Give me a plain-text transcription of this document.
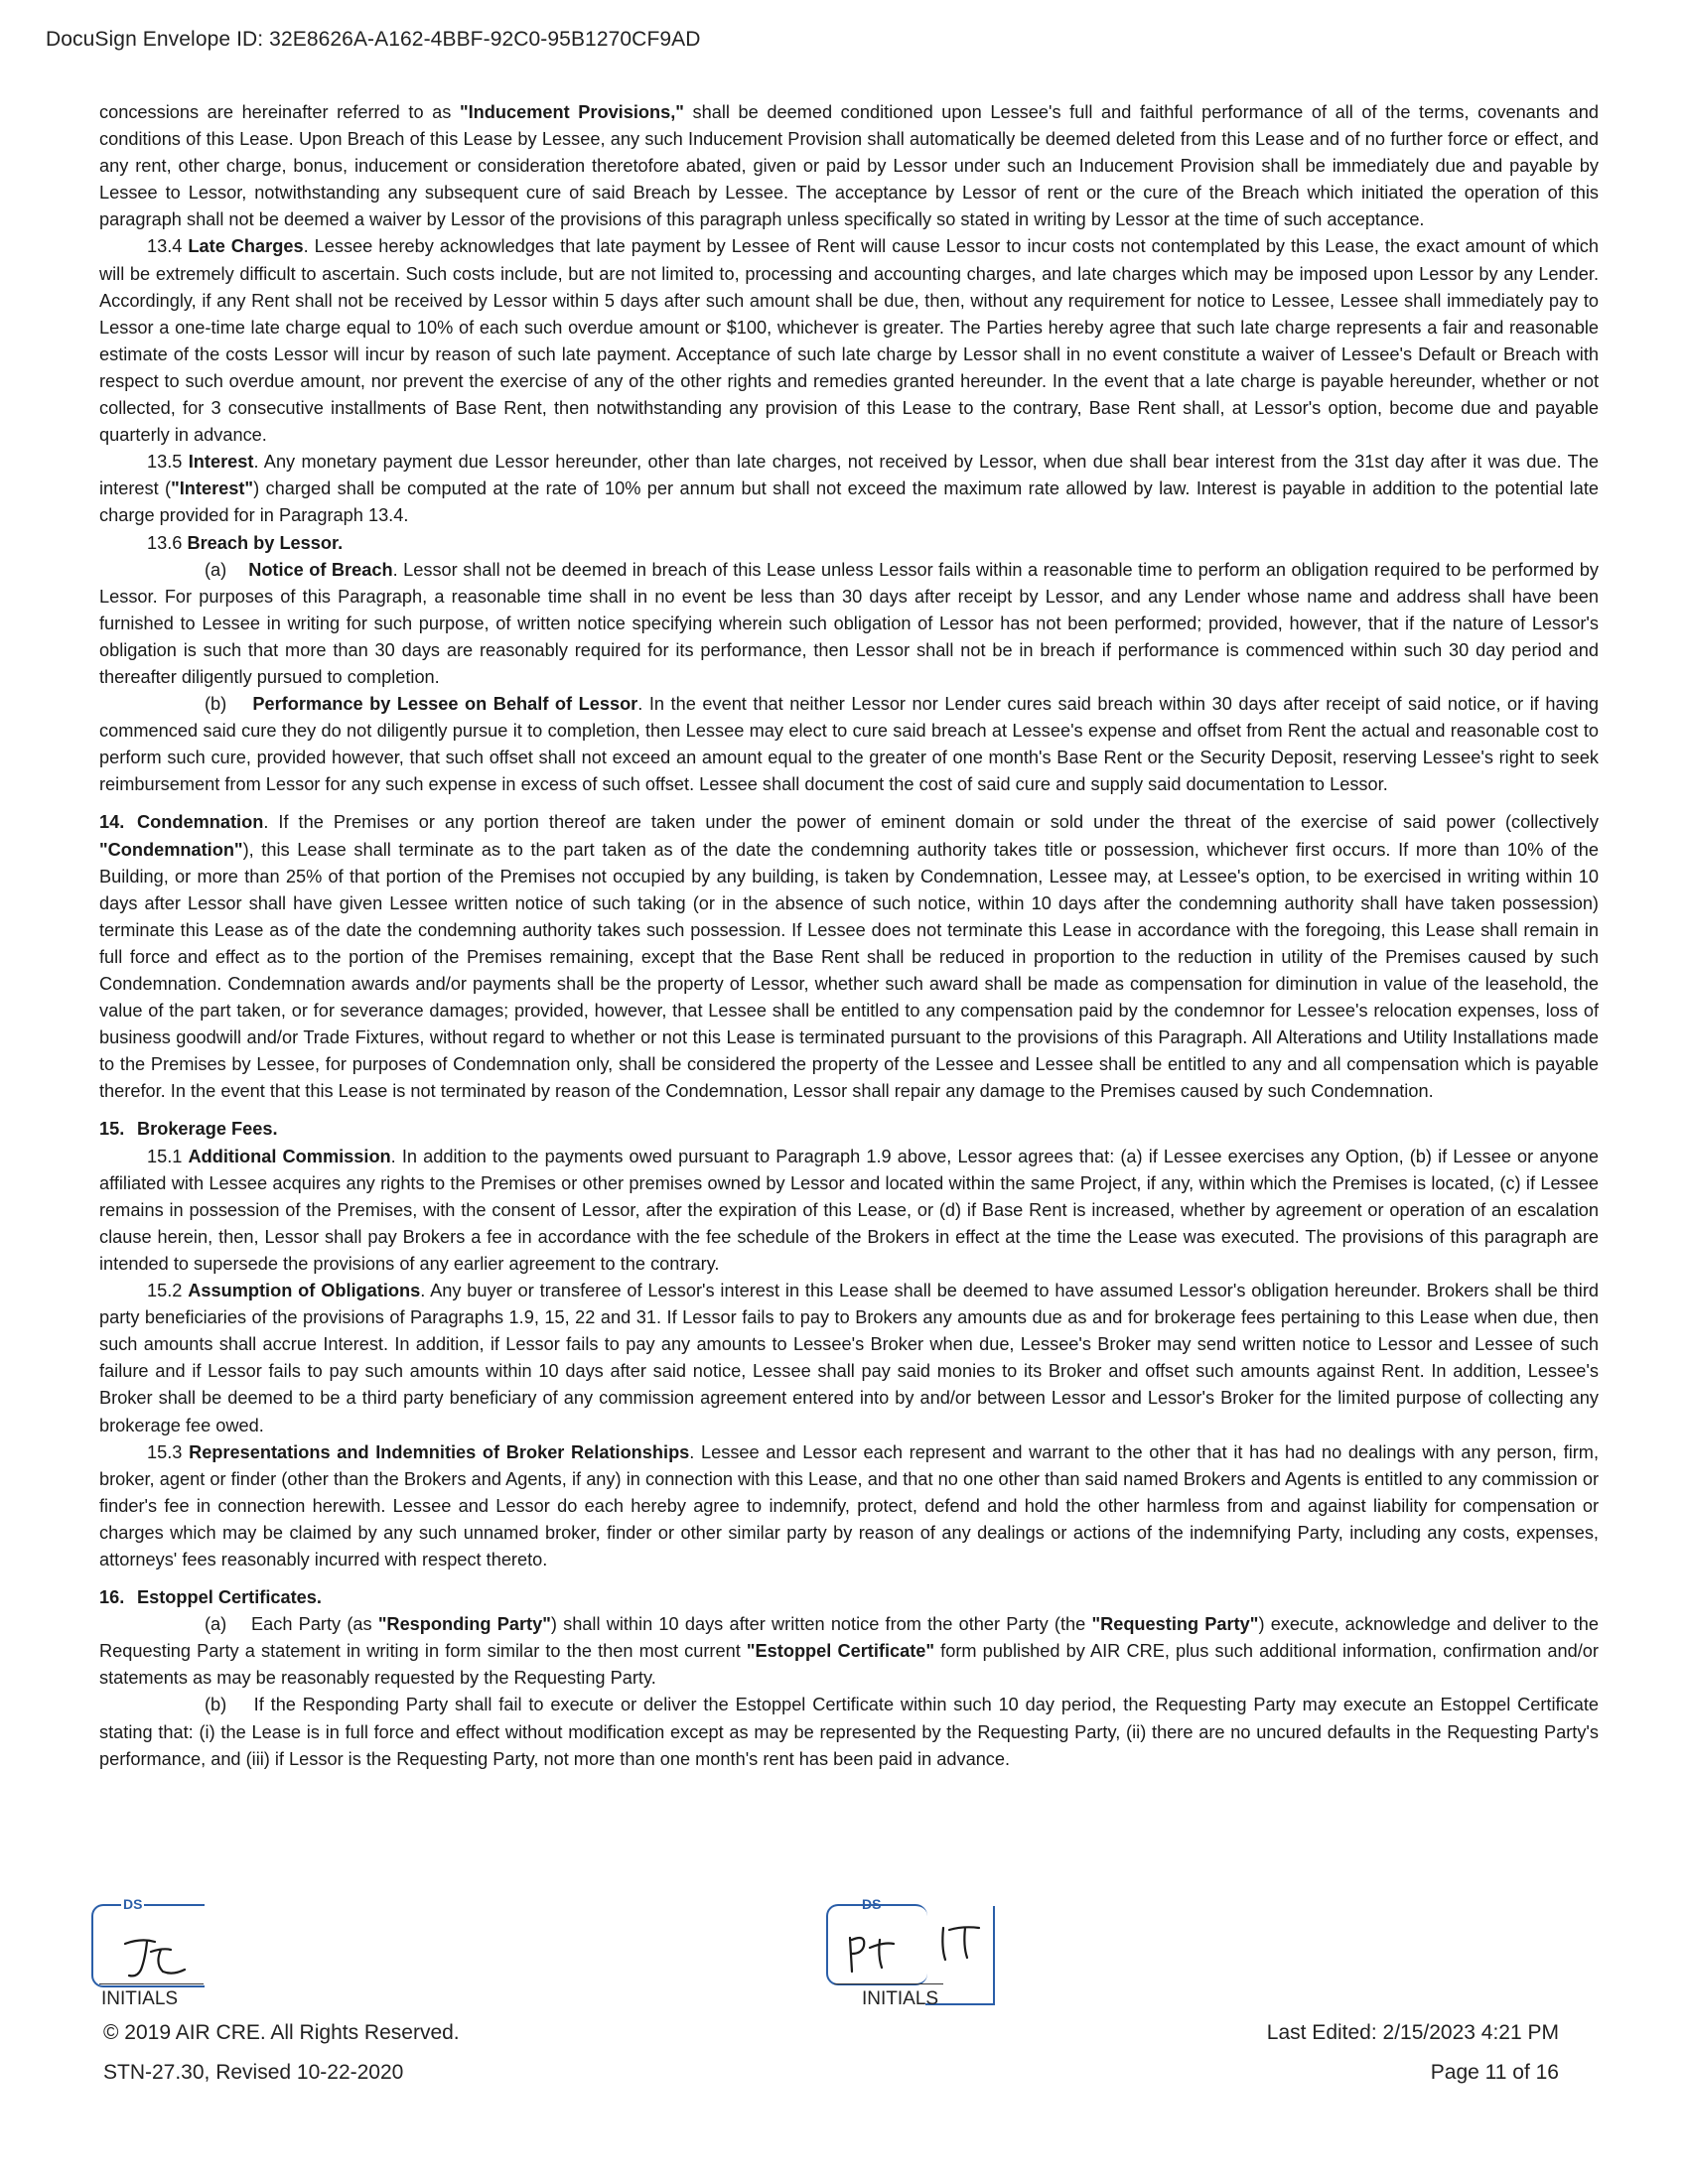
DocuSign Envelope ID: 32E8626A-A162-4BBF-92C0-95B1270CF9AD

concessions are hereinafter referred to as "Inducement Provisions," shall be deemed conditioned upon Lessee's full and faithful performance of all of the terms, covenants and conditions of this Lease. Upon Breach of this Lease by Lessee, any such Inducement Provision shall automatically be deemed deleted from this Lease and of no further force or effect, and any rent, other charge, bonus, inducement or consideration theretofore abated, given or paid by Lessor under such an Inducement Provision shall be immediately due and payable by Lessee to Lessor, notwithstanding any subsequent cure of said Breach by Lessee. The acceptance by Lessor of rent or the cure of the Breach which initiated the operation of this paragraph shall not be deemed a waiver by Lessor of the provisions of this paragraph unless specifically so stated in writing by Lessor at the time of such acceptance.

13.4 Late Charges. Lessee hereby acknowledges that late payment by Lessee of Rent will cause Lessor to incur costs not contemplated by this Lease, the exact amount of which will be extremely difficult to ascertain. Such costs include, but are not limited to, processing and accounting charges, and late charges which may be imposed upon Lessor by any Lender. Accordingly, if any Rent shall not be received by Lessor within 5 days after such amount shall be due, then, without any requirement for notice to Lessee, Lessee shall immediately pay to Lessor a one-time late charge equal to 10% of each such overdue amount or $100, whichever is greater. The Parties hereby agree that such late charge represents a fair and reasonable estimate of the costs Lessor will incur by reason of such late payment. Acceptance of such late charge by Lessor shall in no event constitute a waiver of Lessee's Default or Breach with respect to such overdue amount, nor prevent the exercise of any of the other rights and remedies granted hereunder. In the event that a late charge is payable hereunder, whether or not collected, for 3 consecutive installments of Base Rent, then notwithstanding any provision of this Lease to the contrary, Base Rent shall, at Lessor's option, become due and payable quarterly in advance.

13.5 Interest. Any monetary payment due Lessor hereunder, other than late charges, not received by Lessor, when due shall bear interest from the 31st day after it was due. The interest ("Interest") charged shall be computed at the rate of 10% per annum but shall not exceed the maximum rate allowed by law. Interest is payable in addition to the potential late charge provided for in Paragraph 13.4.

13.6 Breach by Lessor.

(a)    Notice of Breach. Lessor shall not be deemed in breach of this Lease unless Lessor fails within a reasonable time to perform an obligation required to be performed by Lessor. For purposes of this Paragraph, a reasonable time shall in no event be less than 30 days after receipt by Lessor, and any Lender whose name and address shall have been furnished to Lessee in writing for such purpose, of written notice specifying wherein such obligation of Lessor has not been performed; provided, however, that if the nature of Lessor's obligation is such that more than 30 days are reasonably required for its performance, then Lessor shall not be in breach if performance is commenced within such 30 day period and thereafter diligently pursued to completion.

(b)    Performance by Lessee on Behalf of Lessor. In the event that neither Lessor nor Lender cures said breach within 30 days after receipt of said notice, or if having commenced said cure they do not diligently pursue it to completion, then Lessee may elect to cure said breach at Lessee's expense and offset from Rent the actual and reasonable cost to perform such cure, provided however, that such offset shall not exceed an amount equal to the greater of one month's Base Rent or the Security Deposit, reserving Lessee's right to seek reimbursement from Lessor for any such expense in excess of such offset. Lessee shall document the cost of said cure and supply said documentation to Lessor.

14. Condemnation. If the Premises or any portion thereof are taken under the power of eminent domain or sold under the threat of the exercise of said power (collectively "Condemnation"), this Lease shall terminate as to the part taken as of the date the condemning authority takes title or possession, whichever first occurs. If more than 10% of the Building, or more than 25% of that portion of the Premises not occupied by any building, is taken by Condemnation, Lessee may, at Lessee's option, to be exercised in writing within 10 days after Lessor shall have given Lessee written notice of such taking (or in the absence of such notice, within 10 days after the condemning authority shall have taken possession) terminate this Lease as of the date the condemning authority takes such possession. If Lessee does not terminate this Lease in accordance with the foregoing, this Lease shall remain in full force and effect as to the portion of the Premises remaining, except that the Base Rent shall be reduced in proportion to the reduction in utility of the Premises caused by such Condemnation. Condemnation awards and/or payments shall be the property of Lessor, whether such award shall be made as compensation for diminution in value of the leasehold, the value of the part taken, or for severance damages; provided, however, that Lessee shall be entitled to any compensation paid by the condemnor for Lessee's relocation expenses, loss of business goodwill and/or Trade Fixtures, without regard to whether or not this Lease is terminated pursuant to the provisions of this Paragraph. All Alterations and Utility Installations made to the Premises by Lessee, for purposes of Condemnation only, shall be considered the property of the Lessee and Lessee shall be entitled to any and all compensation which is payable therefor. In the event that this Lease is not terminated by reason of the Condemnation, Lessor shall repair any damage to the Premises caused by such Condemnation.

15. Brokerage Fees.

15.1 Additional Commission. In addition to the payments owed pursuant to Paragraph 1.9 above, Lessor agrees that: (a) if Lessee exercises any Option, (b) if Lessee or anyone affiliated with Lessee acquires any rights to the Premises or other premises owned by Lessor and located within the same Project, if any, within which the Premises is located, (c) if Lessee remains in possession of the Premises, with the consent of Lessor, after the expiration of this Lease, or (d) if Base Rent is increased, whether by agreement or operation of an escalation clause herein, then, Lessor shall pay Brokers a fee in accordance with the fee schedule of the Brokers in effect at the time the Lease was executed. The provisions of this paragraph are intended to supersede the provisions of any earlier agreement to the contrary.

15.2 Assumption of Obligations. Any buyer or transferee of Lessor's interest in this Lease shall be deemed to have assumed Lessor's obligation hereunder. Brokers shall be third party beneficiaries of the provisions of Paragraphs 1.9, 15, 22 and 31. If Lessor fails to pay to Brokers any amounts due as and for brokerage fees pertaining to this Lease when due, then such amounts shall accrue Interest. In addition, if Lessor fails to pay any amounts to Lessee's Broker when due, Lessee's Broker may send written notice to Lessor and Lessee of such failure and if Lessor fails to pay such amounts within 10 days after said notice, Lessee shall pay said monies to its Broker and offset such amounts against Rent. In addition, Lessee's Broker shall be deemed to be a third party beneficiary of any commission agreement entered into by and/or between Lessor and Lessor's Broker for the limited purpose of collecting any brokerage fee owed.

15.3 Representations and Indemnities of Broker Relationships. Lessee and Lessor each represent and warrant to the other that it has had no dealings with any person, firm, broker, agent or finder (other than the Brokers and Agents, if any) in connection with this Lease, and that no one other than said named Brokers and Agents is entitled to any commission or finder's fee in connection herewith. Lessee and Lessor do each hereby agree to indemnify, protect, defend and hold the other harmless from and against liability for compensation or charges which may be claimed by any such unnamed broker, finder or other similar party by reason of any dealings or actions of the indemnifying Party, including any costs, expenses, attorneys' fees reasonably incurred with respect thereto.

16. Estoppel Certificates.

(a)    Each Party (as "Responding Party") shall within 10 days after written notice from the other Party (the "Requesting Party") execute, acknowledge and deliver to the Requesting Party a statement in writing in form similar to the then most current "Estoppel Certificate" form published by AIR CRE, plus such additional information, confirmation and/or statements as may be reasonably requested by the Requesting Party.

(b)    If the Responding Party shall fail to execute or deliver the Estoppel Certificate within such 10 day period, the Requesting Party may execute an Estoppel Certificate stating that: (i) the Lease is in full force and effect without modification except as may be represented by the Requesting Party, (ii) there are no uncured defaults in the Requesting Party's performance, and (iii) if Lessor is the Requesting Party, not more than one month's rent has been paid in advance.

DS
INITIALS
DS
INITIALS
© 2019 AIR CRE. All Rights Reserved.
STN-27.30, Revised 10-22-2020
Last Edited: 2/15/2023 4:21 PM
Page 11 of 16
